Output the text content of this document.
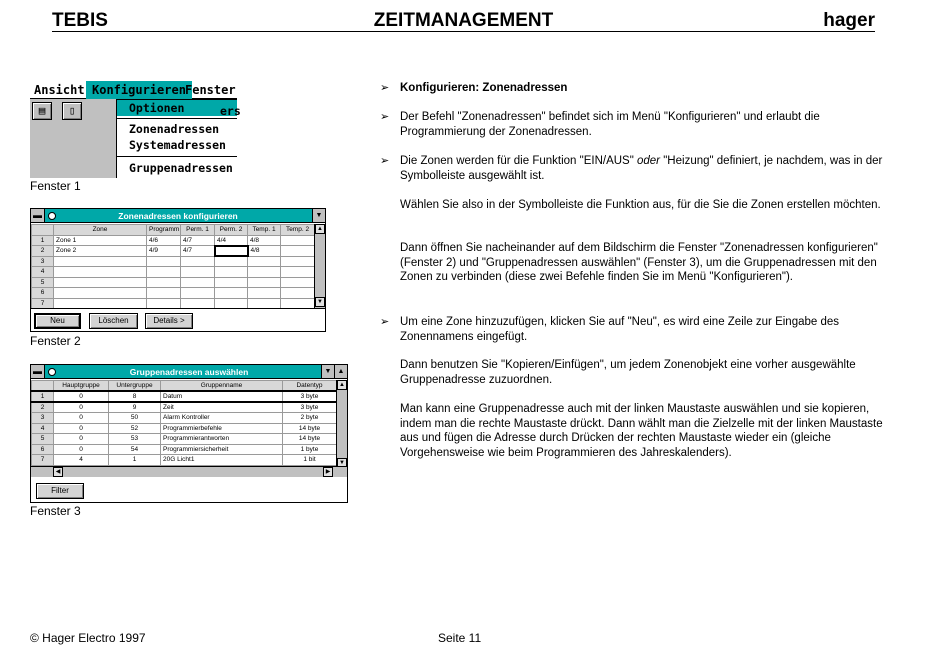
TEBIS	ZEITMANAGEMENT	hager
Ansicht Konfigurieren Fenster
▤	▯	Optionen
Zonenadressen
Systemadressen
Gruppenadressen
ers
Fenster 1
▬	Zonenadressen konfigurieren	▼
	Zone	Programm	Perm. 1	Perm. 2	Temp. 1	Temp. 2
1	Zone 1	4/6	4/7	4/4	4/8	
2	Zone 2	4/9	4/7		4/8	
3						
4						
5						
6						
7						
▲
▼
Neu	Löschen	Details >
Fenster 2
▬	Gruppenadressen auswählen	▼ ▲
	Hauptgruppe	Untergruppe	Gruppenname	Datentyp
1	0	8	Datum	3 byte
2	0	9	Zeit	3 byte
3	0	50	Alarm Kontroller	2 byte
4	0	52	Programmierbefehle	14 byte
5	0	53	Programmierantworten	14 byte
6	0	54	Programmiersicherheit	1 byte
7	4	1	20G Licht1	1 bit
▲
▼
◀	▶
Filter
Fenster 3
➢ Konfigurieren: Zonenadressen
➢ Der Befehl "Zonenadressen" befindet sich im Menü "Konfigurieren" und erlaubt die Programmierung der Zonenadressen.
➢ Die Zonen werden für die Funktion "EIN/AUS" oder "Heizung" definiert, je nachdem, was in der Symbolleiste ausgewählt ist.
Wählen Sie also in der Symbolleiste die Funktion aus, für die Sie die Zonen erstellen möchten.
Dann öffnen Sie nacheinander auf dem Bildschirm die Fenster "Zonenadressen konfigurieren" (Fenster 2) und "Gruppenadressen auswählen" (Fenster 3), um die Gruppenadressen mit den Zonen zu verbinden (diese zwei Befehle finden Sie im Menü "Konfigurieren").
➢ Um eine Zone hinzuzufügen, klicken Sie auf "Neu", es wird eine Zeile zur Eingabe des Zonennamens eingefügt.
Dann benutzen Sie "Kopieren/Einfügen", um jedem Zonenobjekt eine vorher ausgewählte Gruppenadresse zuzuordnen.
Man kann eine Gruppenadresse auch mit der linken Maustaste auswählen und sie kopieren, indem man die rechte Maustaste drückt. Dann wählt man die Zielzelle mit der linken Maustaste aus und fügen die Adresse durch Drücken der rechten Maustaste wieder ein (gleiche Vorgehensweise wie beim Programmieren des Jahreskalenders).
© Hager Electro 1997	Seite 11
